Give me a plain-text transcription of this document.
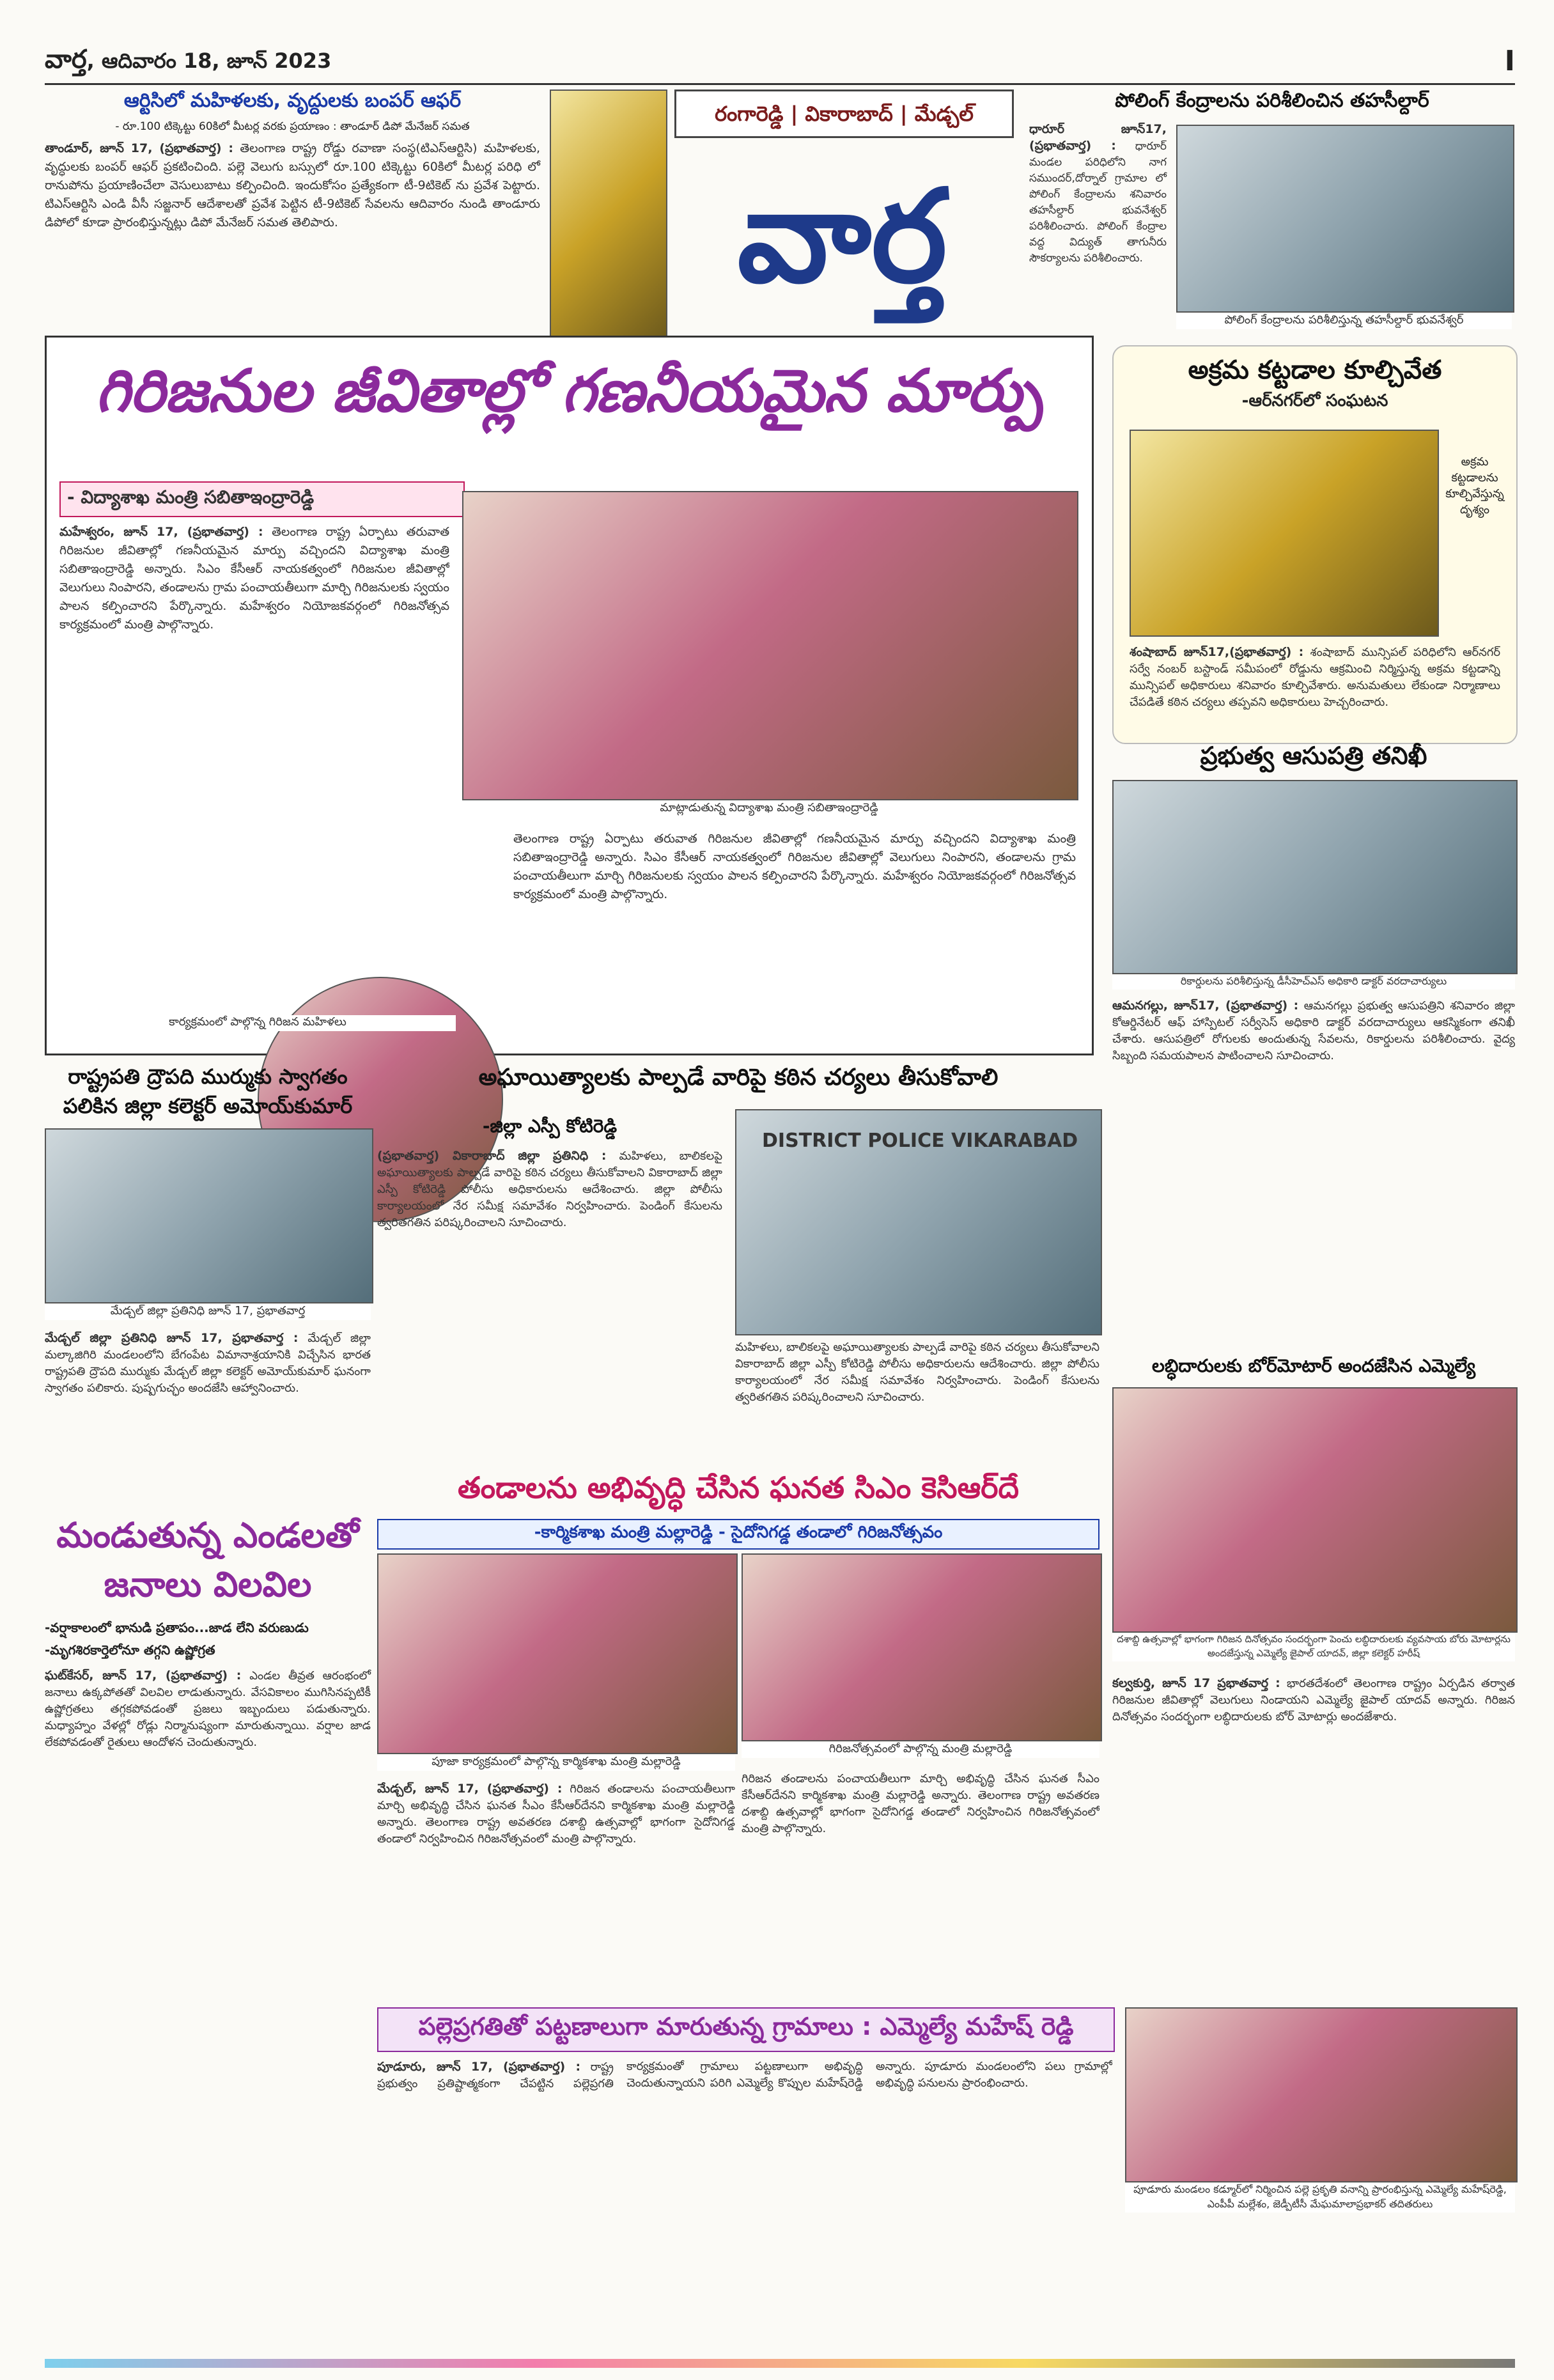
వార్త, ఆదివారం 18, జూన్ 2023	I
ఆర్టిసిలో మహిళలకు, వృద్దులకు బంపర్ ఆఫర్
- రూ.100 టిక్కెట్టు 60కిలో మీటర్ల వరకు ప్రయాణం : తాండూర్ డిపో మేనేజర్ సమత
తాండూర్, జూన్ 17, (ప్రభాతవార్త) : తెలంగాణ రాష్ట్ర రోడ్డు రవాణా సంస్థ(టిఎస్ఆర్టిసి) మహిళలకు, వృద్ధులకు బంపర్ ఆఫర్ ప్రకటించింది. పల్లె వెలుగు బస్సులో రూ.100 టిక్కెట్టు 60కిలో మీటర్ల పరిధి లో రానుపోను ప్రయాణించేలా వెసులుబాటు కల్పించింది. ఇందుకోసం ప్రత్యేకంగా టీ-9టికెట్ ను ప్రవేశ పెట్టారు. టిఎస్ఆర్టిసి ఎండి వీసీ సజ్జనార్ ఆదేశాలతో ప్రవేశ పెట్టిన టీ-9టికెట్ సేవలను ఆదివారం నుండి తాండూరు డిపోలో కూడా ప్రారంభిస్తున్నట్లు డిపో మేనేజర్ సమత తెలిపారు.
రంగారెడ్డి | వికారాబాద్ | మేడ్చల్
వార్త
పోలింగ్ కేంద్రాలను పరిశీలించిన తహసీల్దార్
ధారూర్ జూన్17,(ప్రభాతవార్త) : ధారూర్ మండల పరిధిలోని నాగ సముందర్,దోర్నాల్ గ్రామాల లో పోలింగ్ కేంద్రాలను శనివారం తహసీల్దార్ భువనేశ్వర్ పరిశీలించారు. పోలింగ్ కేంద్రాల వద్ద విద్యుత్ తాగునీరు సౌకర్యాలను పరిశీలించారు.
పోలింగ్ కేంద్రాలను పరిశీలిస్తున్న తహసీల్దార్ భువనేశ్వర్
గిరిజనుల జీవితాల్లో గణనీయమైన మార్పు
- విద్యాశాఖ మంత్రి సబితాఇంద్రారెడ్డి
మహేశ్వరం, జూన్ 17, (ప్రభాతవార్త) : తెలంగాణ రాష్ట్ర ఏర్పాటు తరువాత గిరిజనుల జీవితాల్లో గణనీయమైన మార్పు వచ్చిందని విద్యాశాఖ మంత్రి సబితాఇంద్రారెడ్డి అన్నారు. సిఎం కేసీఆర్ నాయకత్వంలో గిరిజనుల జీవితాల్లో వెలుగులు నింపారని, తండాలను గ్రామ పంచాయతీలుగా మార్చి గిరిజనులకు స్వయం పాలన కల్పించారని పేర్కొన్నారు. మహేశ్వరం నియోజకవర్గంలో గిరిజనోత్సవ కార్యక్రమంలో మంత్రి పాల్గొన్నారు.
మాట్లాడుతున్న విద్యాశాఖ మంత్రి సబితాఇంద్రారెడ్డి
తెలంగాణ రాష్ట్ర ఏర్పాటు తరువాత గిరిజనుల జీవితాల్లో గణనీయమైన మార్పు వచ్చిందని విద్యాశాఖ మంత్రి సబితాఇంద్రారెడ్డి అన్నారు. సిఎం కేసీఆర్ నాయకత్వంలో గిరిజనుల జీవితాల్లో వెలుగులు నింపారని, తండాలను గ్రామ పంచాయతీలుగా మార్చి గిరిజనులకు స్వయం పాలన కల్పించారని పేర్కొన్నారు. మహేశ్వరం నియోజకవర్గంలో గిరిజనోత్సవ కార్యక్రమంలో మంత్రి పాల్గొన్నారు.
కార్యక్రమంలో పాల్గొన్న గిరిజన మహిళలు
అక్రమ కట్టడాల కూల్చివేత
-ఆర్‌నగర్‌లో సంఘటన
అక్రమ కట్టడాలను కూల్చివేస్తున్న దృశ్యం
శంషాబాద్ జూన్17,(ప్రభాతవార్త) : శంషాబాద్ మున్సిపల్ పరిధిలోని ఆర్‌నగర్ సర్వే నంబర్ బస్టాండ్ సమీపంలో రోడ్డును ఆక్రమించి నిర్మిస్తున్న అక్రమ కట్టడాన్ని మున్సిపల్ అధికారులు శనివారం కూల్చివేశారు. అనుమతులు లేకుండా నిర్మాణాలు చేపడితే కఠిన చర్యలు తప్పవని అధికారులు హెచ్చరించారు.
ప్రభుత్వ ఆసుపత్రి తనిఖీ
రికార్డులను పరిశీలిస్తున్న డీసీహెచ్ఎస్ అధికారి డాక్టర్ వరదాచార్యులు
ఆమనగల్లు, జూన్17, (ప్రభాతవార్త) : ఆమనగల్లు ప్రభుత్వ ఆసుపత్రిని శనివారం జిల్లా కోఆర్డినేటర్ ఆఫ్ హాస్పిటల్ సర్వీసెస్ అధికారి డాక్టర్ వరదాచార్యులు ఆకస్మికంగా తనిఖీ చేశారు. ఆసుపత్రిలో రోగులకు అందుతున్న సేవలను, రికార్డులను పరిశీలించారు. వైద్య సిబ్బంది సమయపాలన పాటించాలని సూచించారు.
లబ్ధిదారులకు బోర్‌మోటార్ అందజేసిన ఎమ్మెల్యే
దశాబ్ది ఉత్సవాల్లో భాగంగా గిరిజన దినోత్సవం సందర్భంగా పెంచు లబ్ధిదారులకు వ్యవసాయ బోరు మోటార్లను అందజేస్తున్న ఎమ్మెల్యే జైపాల్ యాదవ్, జిల్లా కలెక్టర్ హరీష్
కల్వకుర్తి, జూన్ 17 ప్రభాతవార్త : భారతదేశంలో తెలంగాణ రాష్ట్రం ఏర్పడిన తర్వాత గిరిజనుల జీవితాల్లో వెలుగులు నిండాయని ఎమ్మెల్యే జైపాల్ యాదవ్ అన్నారు. గిరిజన దినోత్సవం సందర్భంగా లబ్ధిదారులకు బోర్ మోటార్లు అందజేశారు.
రాష్ట్రపతి ద్రౌపది ముర్ముకు స్వాగతం
పలికిన జిల్లా కలెక్టర్ అమోయ్‌కుమార్
మేడ్చల్ జిల్లా ప్రతినిధి జూన్ 17, ప్రభాతవార్త
మేడ్చల్ జిల్లా ప్రతినిధి జూన్ 17, ప్రభాతవార్త : మేడ్చల్ జిల్లా మల్కాజిగిరి మండలంలోని బేగంపేట విమానాశ్రయానికి విచ్చేసిన భారత రాష్ట్రపతి ద్రౌపది ముర్ముకు మేడ్చల్ జిల్లా కలెక్టర్ అమోయ్‌కుమార్ ఘనంగా స్వాగతం పలికారు. పుష్పగుచ్ఛం అందజేసి ఆహ్వానించారు.
అఘాయిత్యాలకు పాల్పడే వారిపై కఠిన చర్యలు తీసుకోవాలి
-జిల్లా ఎస్పీ కోటిరెడ్డి
(ప్రభాతవార్త) వికారాబాద్ జిల్లా ప్రతినిధి : మహిళలు, బాలికలపై అఘాయిత్యాలకు పాల్పడే వారిపై కఠిన చర్యలు తీసుకోవాలని వికారాబాద్ జిల్లా ఎస్పీ కోటిరెడ్డి పోలీసు అధికారులను ఆదేశించారు. జిల్లా పోలీసు కార్యాలయంలో నేర సమీక్ష సమావేశం నిర్వహించారు. పెండింగ్ కేసులను త్వరితగతిన పరిష్కరించాలని సూచించారు.
DISTRICT POLICE VIKARABAD
మహిళలు, బాలికలపై అఘాయిత్యాలకు పాల్పడే వారిపై కఠిన చర్యలు తీసుకోవాలని వికారాబాద్ జిల్లా ఎస్పీ కోటిరెడ్డి పోలీసు అధికారులను ఆదేశించారు. జిల్లా పోలీసు కార్యాలయంలో నేర సమీక్ష సమావేశం నిర్వహించారు. పెండింగ్ కేసులను త్వరితగతిన పరిష్కరించాలని సూచించారు.
మండుతున్న ఎండలతో
జనాలు విలవిల
-వర్షాకాలంలో భానుడి ప్రతాపం...జాడ లేని వరుణుడు
-మృగశిరకార్తెలోనూ తగ్గని ఉష్ణోగ్రత
ఘట్‌కేసర్, జూన్ 17, (ప్రభాతవార్త) : ఎండల తీవ్రత ఆరంభంలో జనాలు ఉక్కపోతతో విలవిల లాడుతున్నారు. వేసవికాలం ముగిసినప్పటికీ ఉష్ణోగ్రతలు తగ్గకపోవడంతో ప్రజలు ఇబ్బందులు పడుతున్నారు. మధ్యాహ్నం వేళల్లో రోడ్లు నిర్మానుష్యంగా మారుతున్నాయి. వర్షాల జాడ లేకపోవడంతో రైతులు ఆందోళన చెందుతున్నారు.
తండాలను అభివృద్ధి చేసిన ఘనత సిఎం కెసిఆర్‌దే
-కార్మికశాఖ మంత్రి మల్లారెడ్డి - సైదోనిగడ్డ తండాలో గిరిజనోత్సవం
గిరిజనోత్సవంలో పాల్గొన్న మంత్రి మల్లారెడ్డి
పూజా కార్యక్రమంలో పాల్గొన్న కార్మికశాఖ మంత్రి మల్లారెడ్డి
మేడ్చల్, జూన్ 17, (ప్రభాతవార్త) : గిరిజన తండాలను పంచాయతీలుగా మార్చి అభివృద్ధి చేసిన ఘనత సీఎం కేసీఆర్‌దేనని కార్మికశాఖ మంత్రి మల్లారెడ్డి అన్నారు. తెలంగాణ రాష్ట్ర అవతరణ దశాబ్ది ఉత్సవాల్లో భాగంగా సైదోనిగడ్డ తండాలో నిర్వహించిన గిరిజనోత్సవంలో మంత్రి పాల్గొన్నారు.
గిరిజన తండాలను పంచాయతీలుగా మార్చి అభివృద్ధి చేసిన ఘనత సీఎం కేసీఆర్‌దేనని కార్మికశాఖ మంత్రి మల్లారెడ్డి అన్నారు. తెలంగాణ రాష్ట్ర అవతరణ దశాబ్ది ఉత్సవాల్లో భాగంగా సైదోనిగడ్డ తండాలో నిర్వహించిన గిరిజనోత్సవంలో మంత్రి పాల్గొన్నారు.
పల్లెప్రగతితో పట్టణాలుగా మారుతున్న గ్రామాలు : ఎమ్మెల్యే మహేష్ రెడ్డి
పూడూరు, జూన్ 17, (ప్రభాతవార్త) : రాష్ట్ర ప్రభుత్వం ప్రతిష్టాత్మకంగా చేపట్టిన పల్లెప్రగతి కార్యక్రమంతో గ్రామాలు పట్టణాలుగా అభివృద్ధి చెందుతున్నాయని పరిగి ఎమ్మెల్యే కొప్పుల మహేష్‌రెడ్డి అన్నారు. పూడూరు మండలంలోని పలు గ్రామాల్లో అభివృద్ధి పనులను ప్రారంభించారు.
పూడూరు మండలం కడ్మూర్‌లో నిర్మించిన పల్లె ప్రకృతి వనాన్ని ప్రారంభిస్తున్న ఎమ్మెల్యే మహేష్‌రెడ్డి, ఎంపీపీ మల్లేశం, జెడ్పీటీసీ మేఘమాలాప్రభాకర్ తదితరులు
